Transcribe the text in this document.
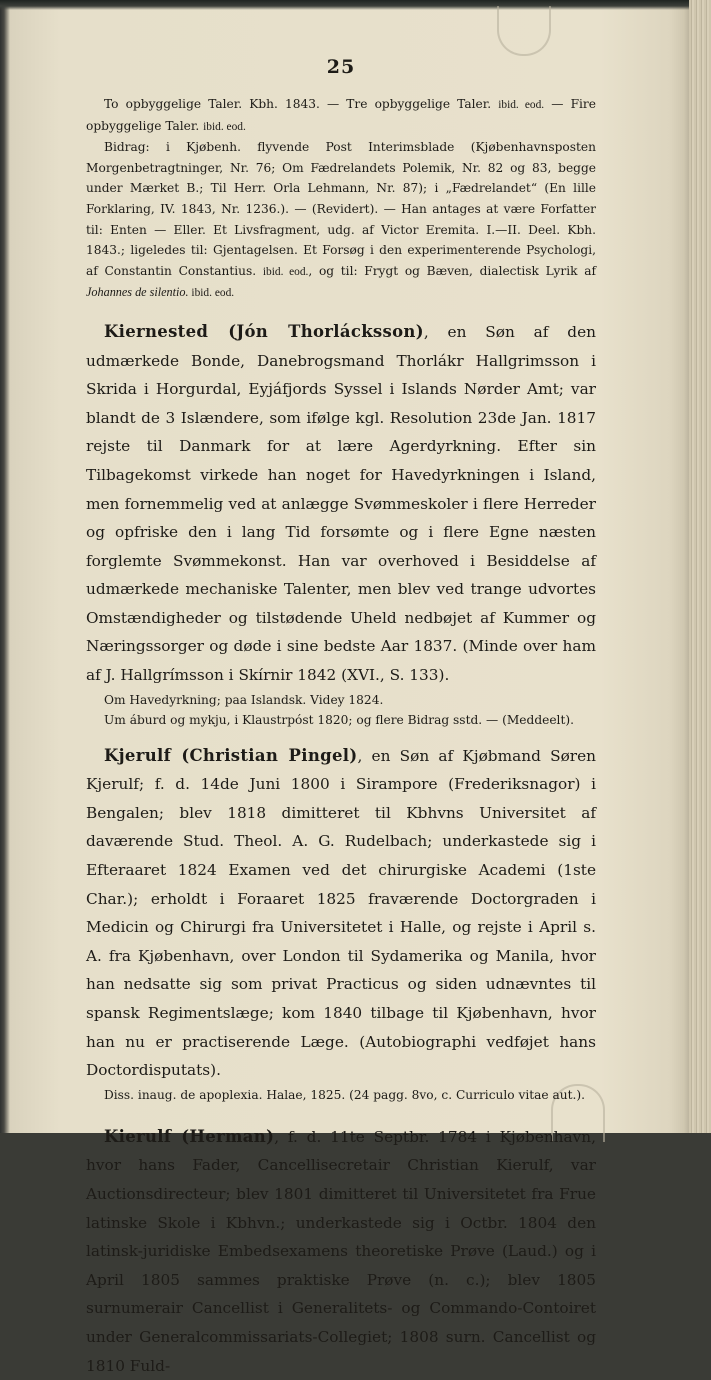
25

To opbyggelige Taler. Kbh. 1843. — Tre opbyggelige Taler. ibid. eod. — Fire opbyggelige Taler. ibid. eod.

Bidrag: i Kjøbenh. flyvende Post Interimsblade (Kjøbenhavnsposten Morgenbetragtninger, Nr. 76; Om Fædrelandets Polemik, Nr. 82 og 83, begge under Mærket B.; Til Herr. Orla Lehmann, Nr. 87); i „Fædrelandet“ (En lille Forklaring, IV. 1843, Nr. 1236.). — (Revidert). — Han antages at være Forfatter til: Enten — Eller. Et Livsfragment, udg. af Victor Eremita. I.—II. Deel. Kbh. 1843.; ligeledes til: Gjentagelsen. Et Forsøg i den experimenterende Psychologi, af Constantin Constantius. ibid. eod., og til: Frygt og Bæven, dialectisk Lyrik af Johannes de silentio. ibid. eod.

Kiernested (Jón Thorlácksson), en Søn af den udmærkede Bonde, Danebrogsmand Thorlákr Hallgrimsson i Skrida i Horgurdal, Eyjáfjords Syssel i Islands Nørder Amt; var blandt de 3 Islændere, som ifølge kgl. Resolution 23de Jan. 1817 rejste til Danmark for at lære Agerdyrkning. Efter sin Tilbagekomst virkede han noget for Havedyrkningen i Island, men fornemmelig ved at anlægge Svømmeskoler i flere Herreder og opfriske den i lang Tid forsømte og i flere Egne næsten forglemte Svømmekonst. Han var overhoved i Besiddelse af udmærkede mechaniske Talenter, men blev ved trange udvortes Omstændigheder og tilstødende Uheld nedbøjet af Kummer og Næringssorger og døde i sine bedste Aar 1837. (Minde over ham af J. Hallgrímsson i Skírnir 1842 (XVI., S. 133).

Om Havedyrkning; paa Islandsk. Videy 1824.

Um áburd og mykju, i Klaustrpóst 1820; og flere Bidrag sstd. — (Meddeelt).

Kjerulf (Christian Pingel), en Søn af Kjøbmand Søren Kjerulf; f. d. 14de Juni 1800 i Sirampore (Frederiksnagor) i Bengalen; blev 1818 dimitteret til Kbhvns Universitet af daværende Stud. Theol. A. G. Rudelbach; underkastede sig i Efteraaret 1824 Examen ved det chirurgiske Academi (1ste Char.); erholdt i Foraaret 1825 fraværende Doctorgraden i Medicin og Chirurgi fra Universitetet i Halle, og rejste i April s. A. fra Kjøbenhavn, over London til Sydamerika og Manila, hvor han nedsatte sig som privat Practicus og siden udnævntes til spansk Regimentslæge; kom 1840 tilbage til Kjøbenhavn, hvor han nu er practiserende Læge. (Autobiographi vedføjet hans Doctordisputats).

Diss. inaug. de apoplexia. Halae, 1825. (24 pagg. 8vo, c. Curriculo vitae aut.).

Kierulf (Herman), f. d. 11te Septbr. 1784 i Kjøbenhavn, hvor hans Fader, Cancellisecretair Christian Kierulf, var Auctionsdirecteur; blev 1801 dimitteret til Universitetet fra Frue latinske Skole i Kbhvn.; underkastede sig i Octbr. 1804 den latinsk-juridiske Embedsexamens theoretiske Prøve (Laud.) og i April 1805 sammes praktiske Prøve (n. c.); blev 1805 surnumerair Cancellist i Generalitets- og Commando-Contoiret under Generalcommissariats-Collegiet; 1808 surn. Cancellist og 1810 Fuld-
